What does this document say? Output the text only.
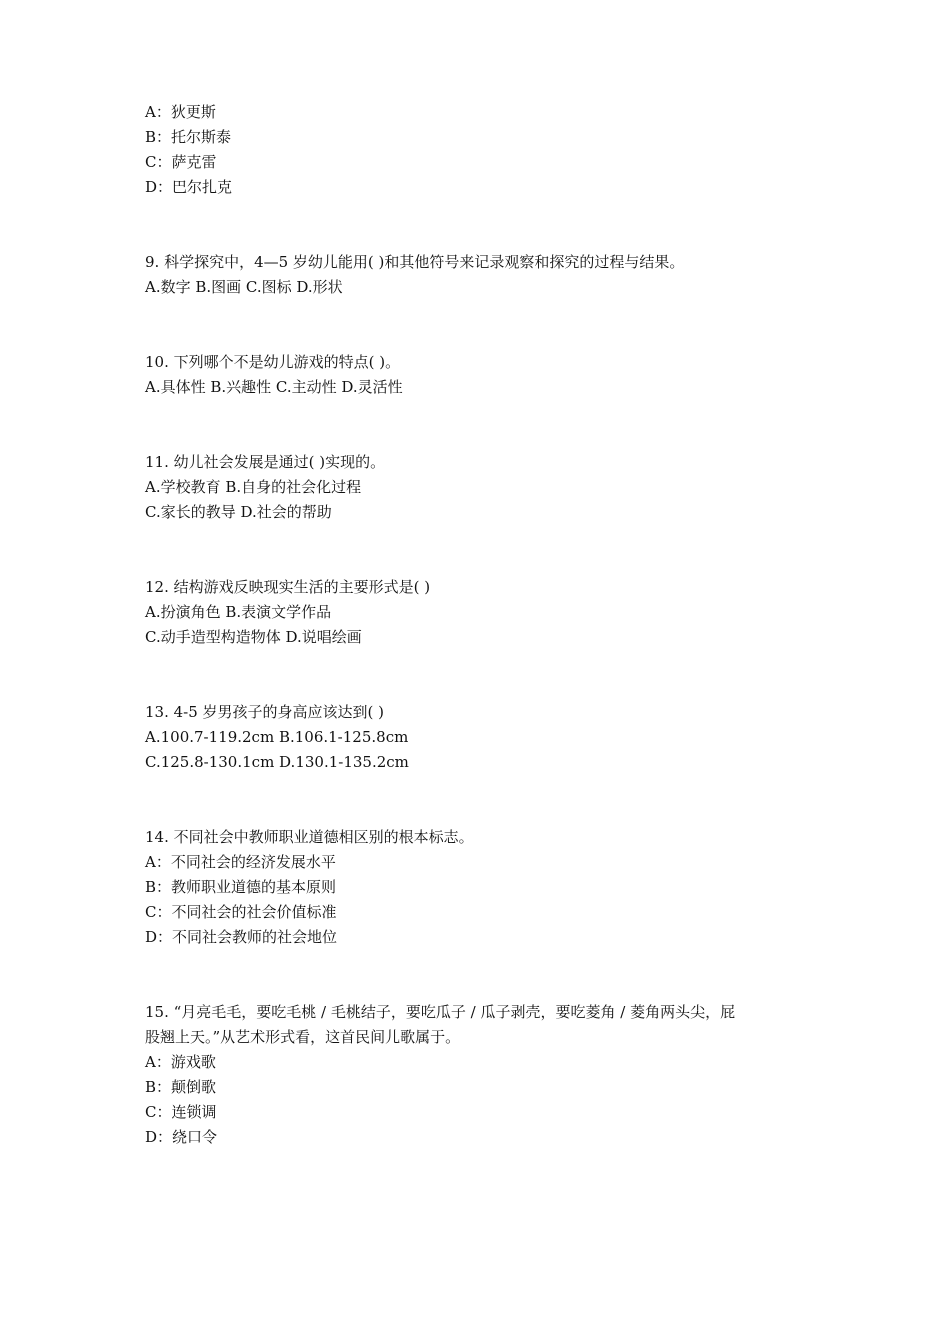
A：狄更斯
B：托尔斯泰
C：萨克雷
D：巴尔扎克
9. 科学探究中，4—5 岁幼儿能用( )和其他符号来记录观察和探究的过程与结果。
A.数字 B.图画 C.图标 D.形状
10. 下列哪个不是幼儿游戏的特点( )。
A.具体性 B.兴趣性 C.主动性 D.灵活性
11. 幼儿社会发展是通过( )实现的。
A.学校教育 B.自身的社会化过程
C.家长的教导 D.社会的帮助
12. 结构游戏反映现实生活的主要形式是( )
A.扮演角色 B.表演文学作品
C.动手造型构造物体 D.说唱绘画
13. 4-5 岁男孩子的身高应该达到( )
A.100.7-119.2cm B.106.1-125.8cm
C.125.8-130.1cm D.130.1-135.2cm
14. 不同社会中教师职业道德相区别的根本标志。
A：不同社会的经济发展水平
B：教师职业道德的基本原则
C：不同社会的社会价值标准
D：不同社会教师的社会地位
15. “月亮毛毛，要吃毛桃 / 毛桃结子，要吃瓜子 / 瓜子剥壳，要吃菱角 / 菱角两头尖，屁
股翘上天。”从艺术形式看，这首民间儿歌属于。
A：游戏歌
B：颠倒歌
C：连锁调
D：绕口令
